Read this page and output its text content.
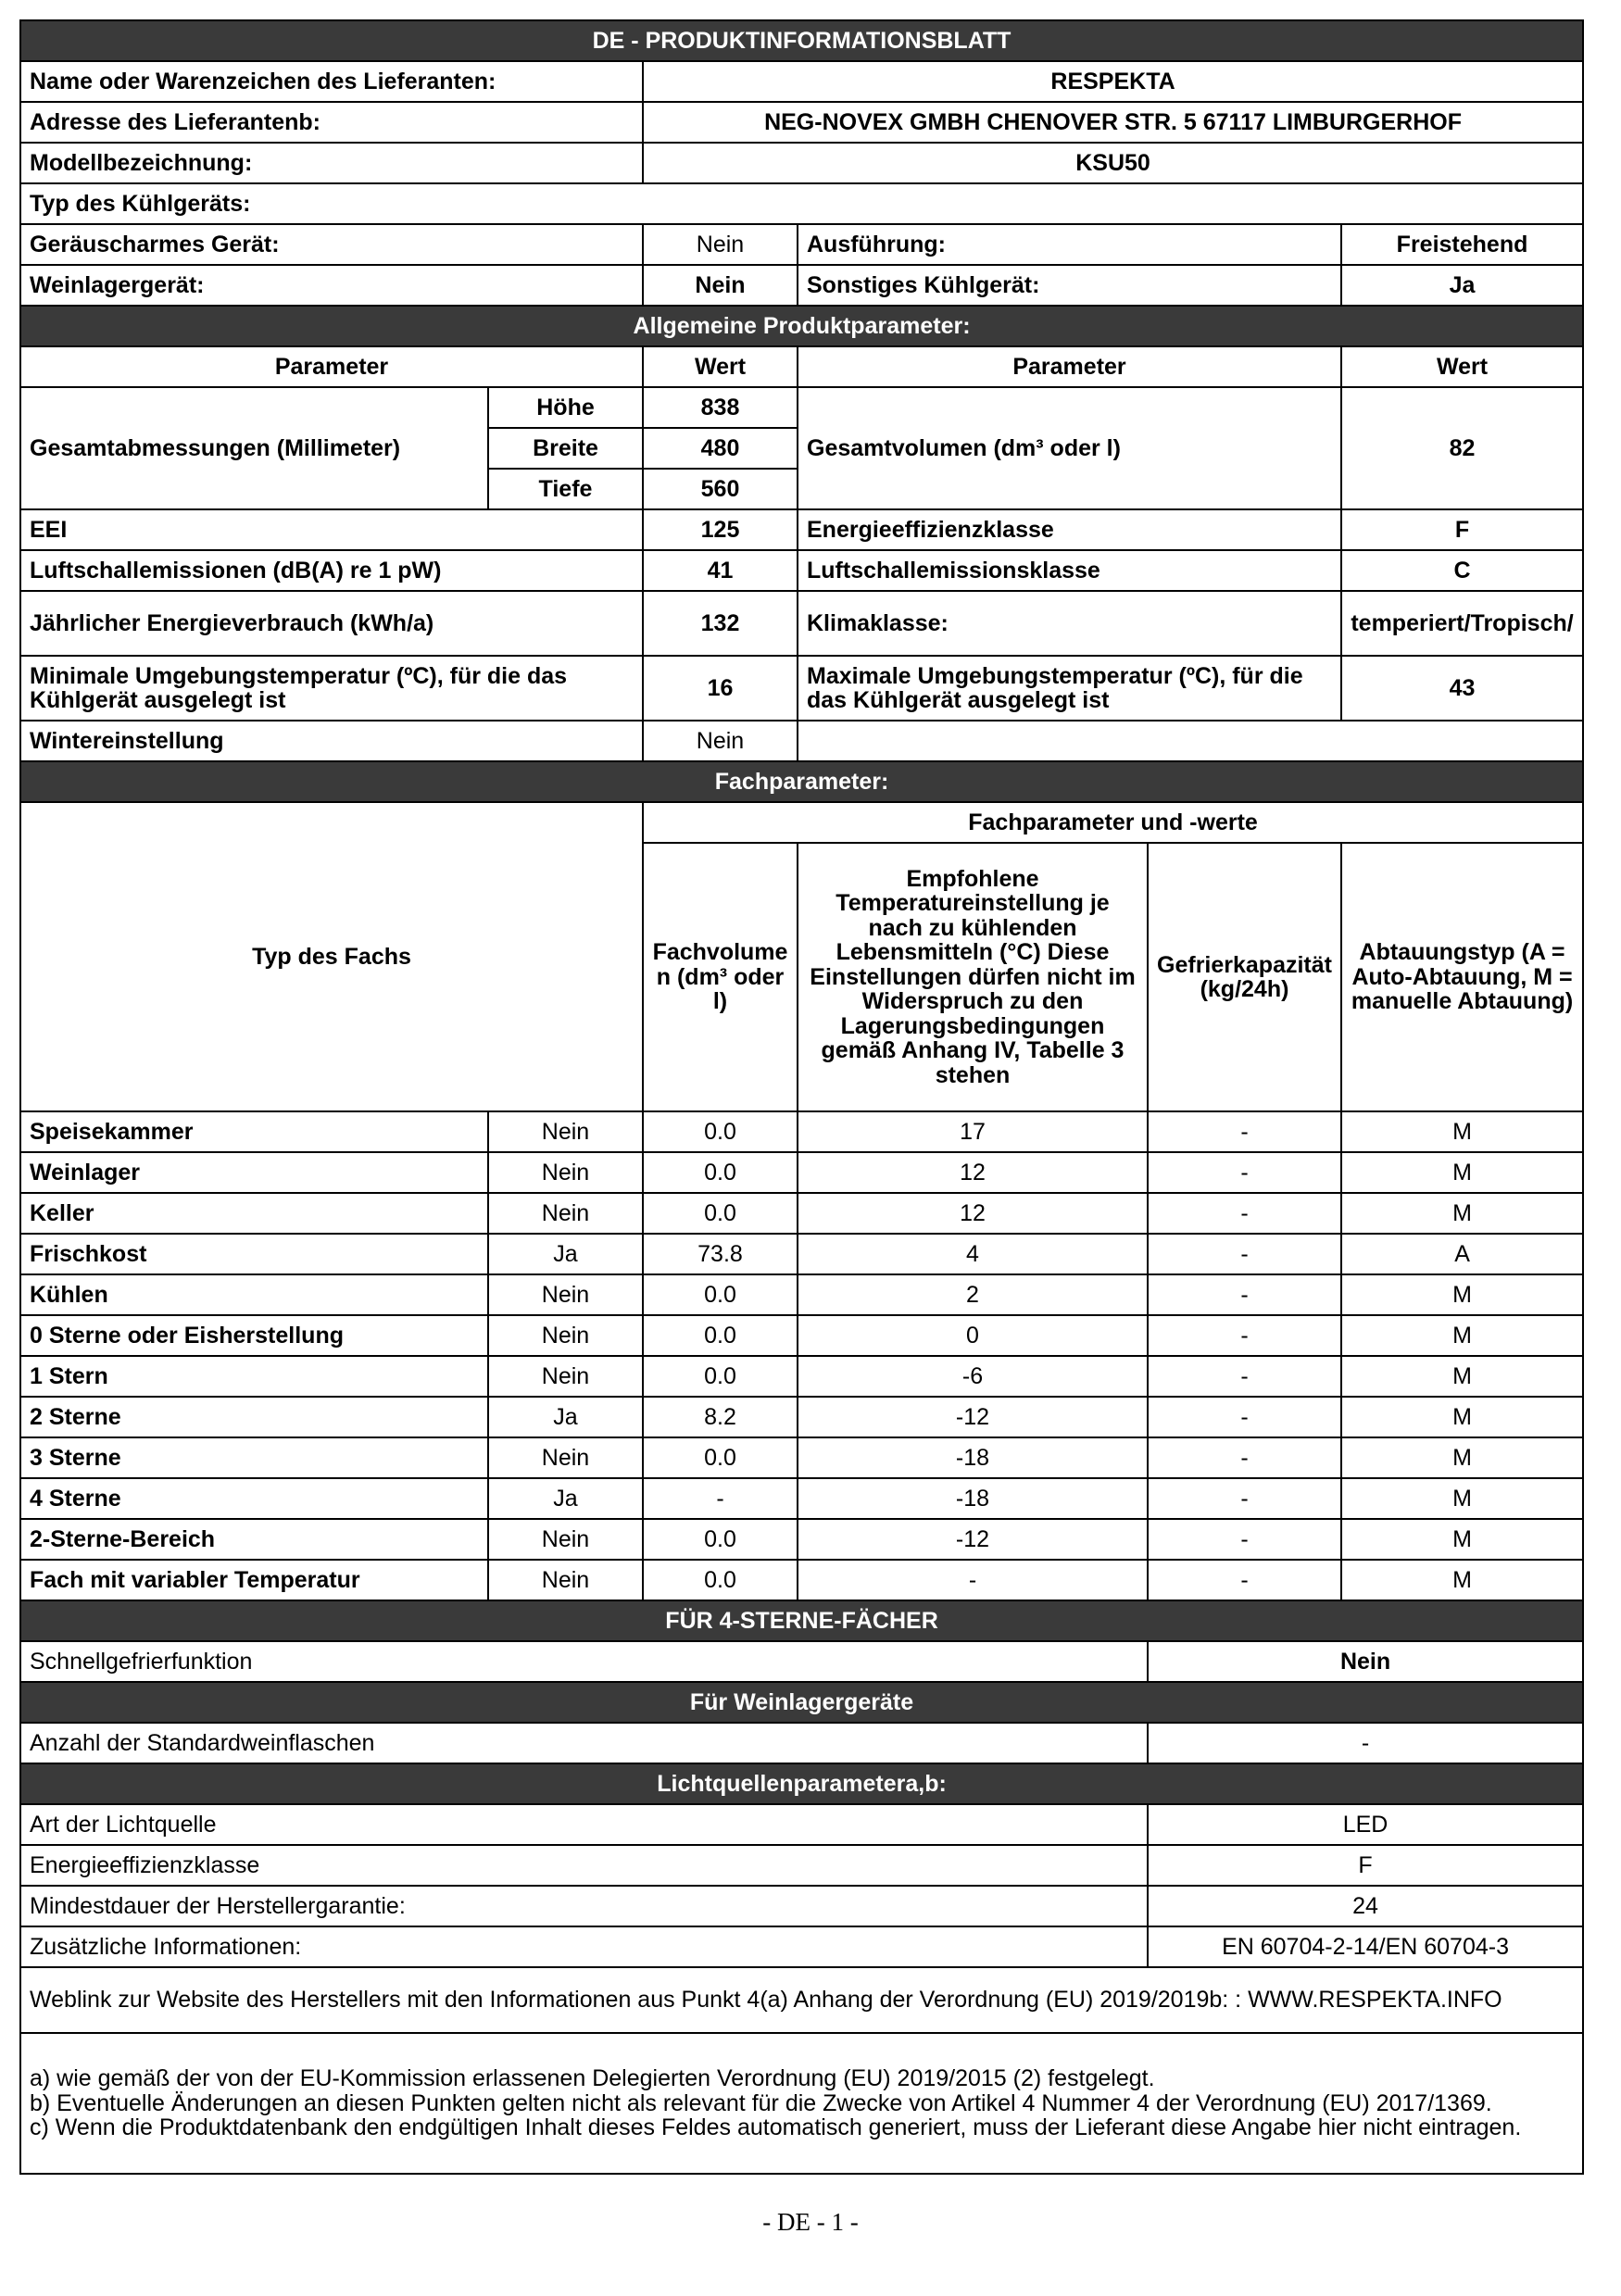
DE - PRODUKTINFORMATIONSBLATT					
Name oder Warenzeichen des Lieferanten:		RESPEKTA			
Adresse des Lieferantenb:		NEG-NOVEX GMBH CHENOVER STR. 5 67117 LIMBURGERHOF			
Modellbezeichnung:		KSU50			
Typ des Kühlgeräts:					
Geräuscharmes Gerät:		Nein	Ausführung:		Freistehend
Weinlagergerät:		Nein	Sonstiges Kühlgerät:		Ja
Allgemeine Produktparameter:					
Parameter		Wert	Parameter		Wert
Gesamtabmessungen (Millimeter)	Höhe	838	Gesamtvolumen (dm³ oder l)		82
	Breite	480			
	Tiefe	560			
EEI		125	Energieeffizienzklasse		F
Luftschallemissionen (dB(A) re 1 pW)		41	Luftschallemissionsklasse		C
Jährlicher Energieverbrauch (kWh/a)		132	Klimaklasse:		temperiert/Tropisch/
Minimale Umgebungstemperatur (ºC), für die das Kühlgerät ausgelegt ist		16	Maximale Umgebungstemperatur (ºC), für die das Kühlgerät ausgelegt ist		43
Wintereinstellung		Nein			
Fachparameter:					
Typ des Fachs		Fachparameter und -werte			
		Fachvolumen (dm³ oder l)	Empfohlene Temperatureinstellung je nach zu kühlenden Lebensmitteln (°C) Diese Einstellungen dürfen nicht im Widerspruch zu den Lagerungsbedingungen gemäß Anhang IV, Tabelle 3 stehen	Gefrierkapazität (kg/24h)	Abtauungstyp (A = Auto-Abtauung, M = manuelle Abtauung)
Speisekammer	Nein	0.0	17	-	M
Weinlager	Nein	0.0	12	-	M
Keller	Nein	0.0	12	-	M
Frischkost	Ja	73.8	4	-	A
Kühlen	Nein	0.0	2	-	M
0 Sterne oder Eisherstellung	Nein	0.0	0	-	M
1 Stern	Nein	0.0	-6	-	M
2 Sterne	Ja	8.2	-12	-	M
3 Sterne	Nein	0.0	-18	-	M
4 Sterne	Ja	-	-18	-	M
2-Sterne-Bereich	Nein	0.0	-12	-	M
Fach mit variabler Temperatur	Nein	0.0	-	-	M
FÜR 4-STERNE-FÄCHER					
Schnellgefrierfunktion				Nein	
Für Weinlagergeräte					
Anzahl der Standardweinflaschen				-	
Lichtquellenparametera,b:					
Art der Lichtquelle				LED	
Energieeffizienzklasse				F	
Mindestdauer der Herstellergarantie:				24	
Zusätzliche Informationen:				EN 60704-2-14/EN 60704-3	
Weblink zur Website des Herstellers mit den Informationen aus Punkt 4(a) Anhang der Verordnung (EU) 2019/2019b: : WWW.RESPEKTA.INFO					

a) wie gemäß der von der EU-Kommission erlassenen Delegierten Verordnung (EU) 2019/2015 (2) festgelegt.
b) Eventuelle Änderungen an diesen Punkten gelten nicht als relevant für die Zwecke von Artikel 4 Nummer 4 der Verordnung (EU) 2017/1369.
c) Wenn die Produktdatenbank den endgültigen Inhalt dieses Feldes automatisch generiert, muss der Lieferant diese Angabe hier nicht eintragen.					
- DE - 1 -
